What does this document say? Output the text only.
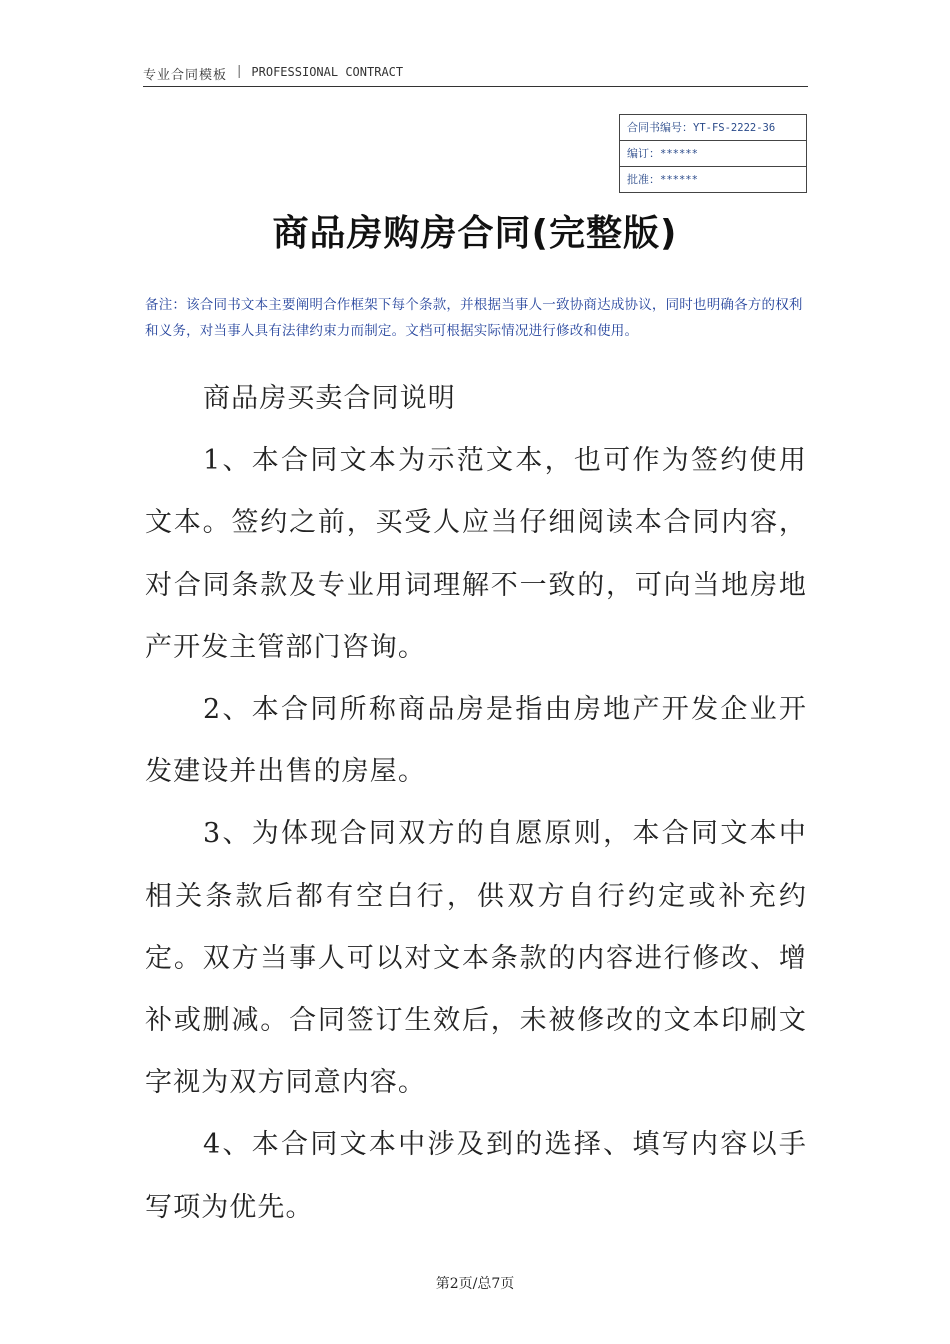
专业合同模板 | PROFESSIONAL CONTRACT
合同书编号：YT-FS-2222-36
编订：******
批准：******
商品房购房合同(完整版)
备注：该合同书文本主要阐明合作框架下每个条款，并根据当事人一致协商达成协议，同时也明确各方的权利和义务，对当事人具有法律约束力而制定。文档可根据实际情况进行修改和使用。

商品房买卖合同说明

1、本合同文本为示范文本，也可作为签约使用文本。签约之前，买受人应当仔细阅读本合同内容，对合同条款及专业用词理解不一致的，可向当地房地产开发主管部门咨询。

2、本合同所称商品房是指由房地产开发企业开发建设并出售的房屋。

3、为体现合同双方的自愿原则，本合同文本中相关条款后都有空白行，供双方自行约定或补充约定。双方当事人可以对文本条款的内容进行修改、增补或删减。合同签订生效后，未被修改的文本印刷文字视为双方同意内容。

4、本合同文本中涉及到的选择、填写内容以手写项为优先。

第2页/总7页
